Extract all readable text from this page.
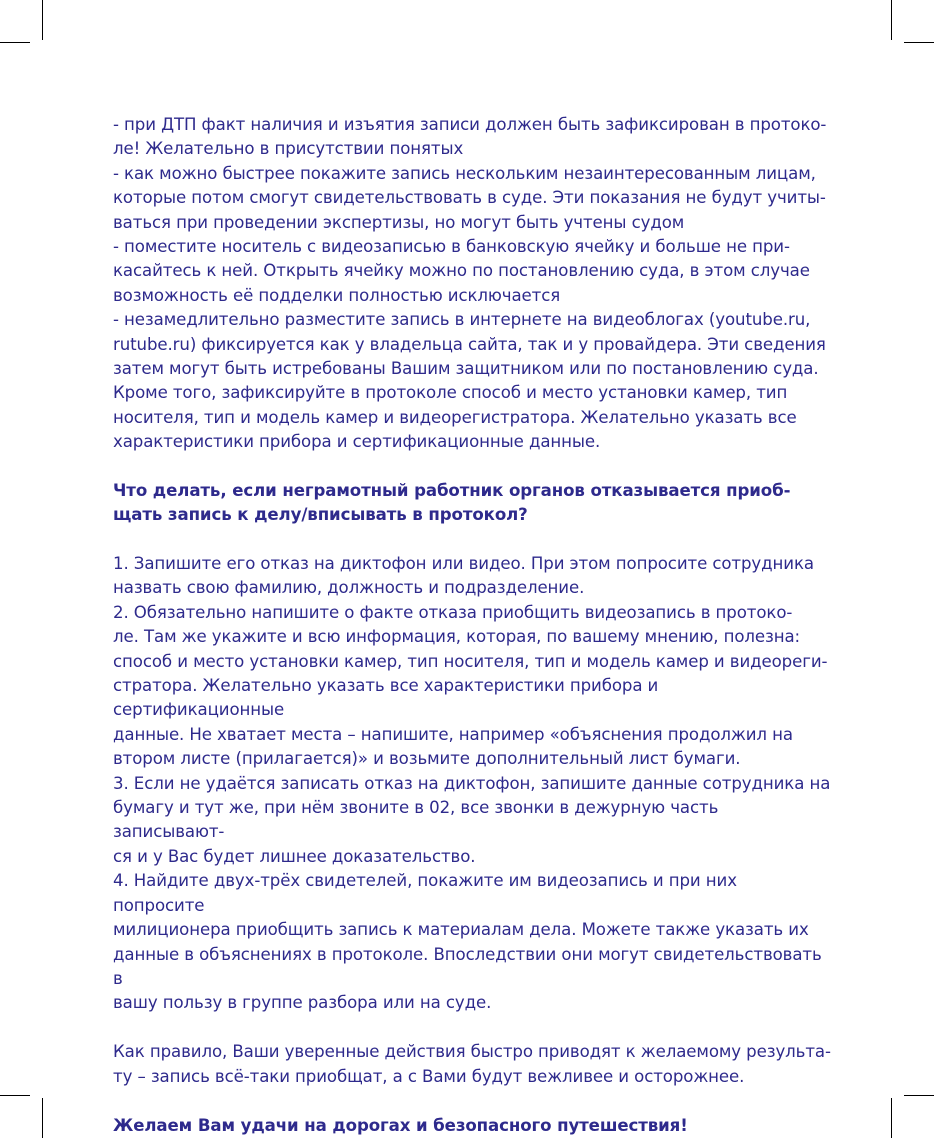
- при ДТП факт наличия и изъятия записи должен быть зафиксирован в протоко-

ле! Желательно в присутствии понятых

- как можно быстрее покажите запись нескольким незаинтересованным лицам,

которые потом смогут свидетельствовать в суде. Эти показания не будут учиты-

ваться при проведении экспертизы, но могут быть учтены судом

- поместите носитель с видеозаписью в банковскую ячейку и больше не при-

касайтесь к ней. Открыть ячейку можно по постановлению суда, в этом случае

возможность её подделки полностью исключается

- незамедлительно разместите запись в интернете на видеоблогах (youtube.ru,

rutube.ru) фиксируется как у владельца сайта, так и у провайдера. Эти сведения

затем могут быть истребованы Вашим защитником или по постановлению суда.

Кроме того, зафиксируйте в протоколе способ и место установки камер, тип

носителя, тип и модель камер и видеорегистратора. Желательно указать все

характеристики прибора и сертификационные данные.

Что делать, если неграмотный работник органов отказывается приоб-

щать запись к делу/вписывать в протокол?

1. Запишите его отказ на диктофон или видео. При этом попросите сотрудника

назвать свою фамилию, должность и подразделение.

2. Обязательно напишите о факте отказа приобщить видеозапись в протоко-

ле. Там же укажите и всю информация, которая, по вашему мнению, полезна:

способ и место установки камер, тип носителя, тип и модель камер и видеореги-

стратора. Желательно указать все характеристики прибора и сертификационные

данные. Не хватает места – напишите, например «объяснения продолжил на

втором листе (прилагается)» и возьмите дополнительный лист бумаги.

3. Если не удаётся записать отказ на диктофон, запишите данные сотрудника на

бумагу и тут же, при нём звоните в 02, все звонки в дежурную часть записывают-

ся и у Вас будет лишнее доказательство.

4. Найдите двух-трёх свидетелей, покажите им видеозапись и при них попросите

милиционера приобщить запись к материалам дела. Можете также указать их

данные в объяснениях в протоколе. Впоследствии они могут свидетельствовать в

вашу пользу в группе разбора или на суде.

Как правило, Ваши уверенные действия быстро приводят к желаемому результа-

ту – запись всё-таки приобщат, а с Вами будут вежливее и осторожнее.

Желаем Вам удачи на дорогах и безопасного путешествия!
